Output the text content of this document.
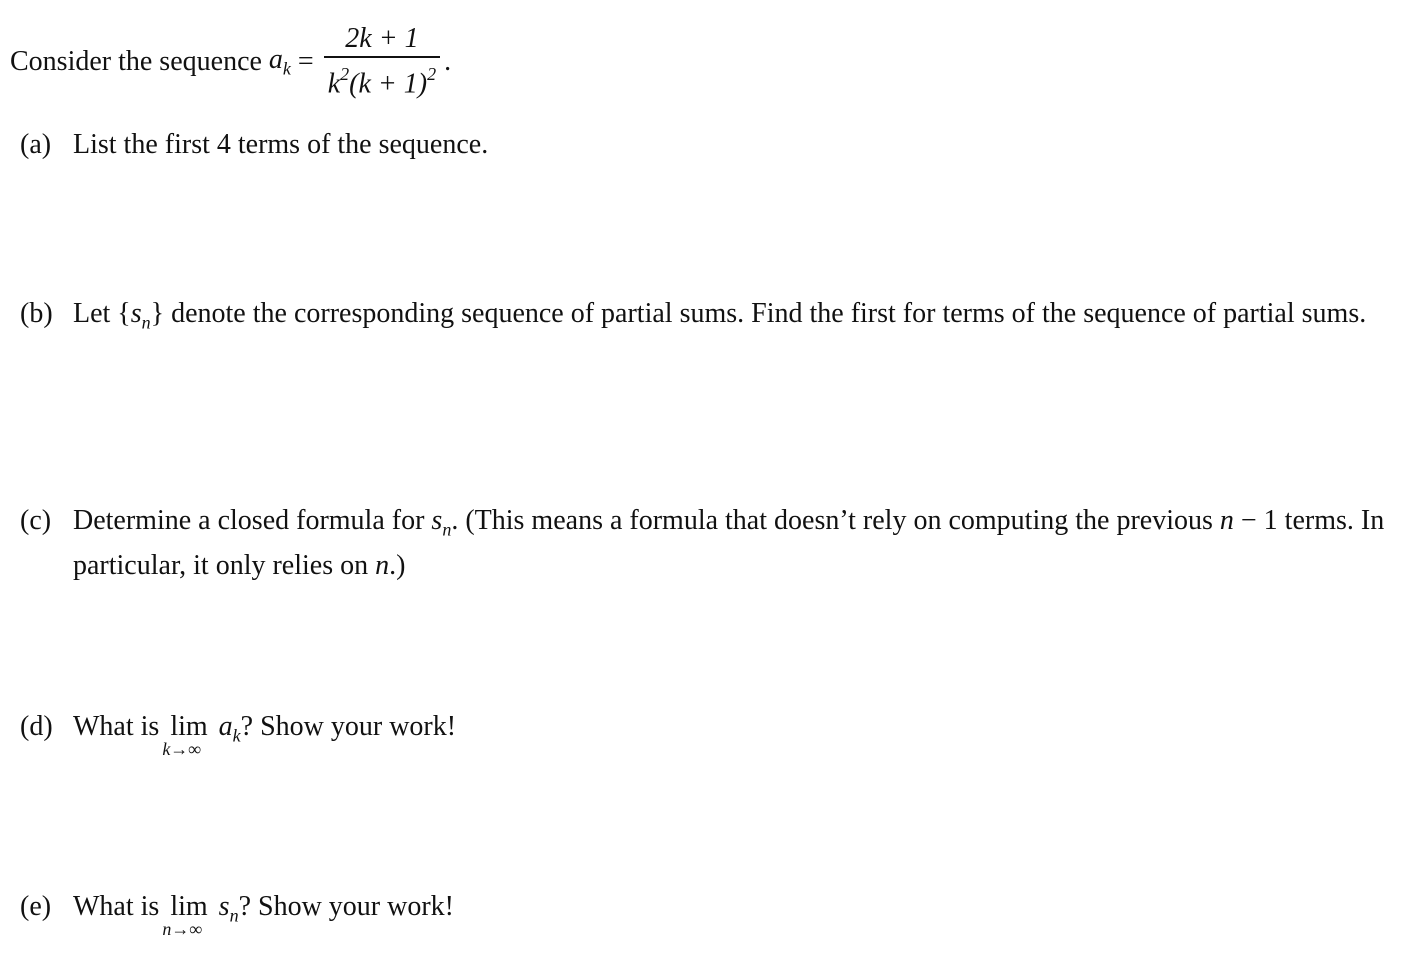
Consider the sequence
$a_k$
= $\frac{2k + 1}{k^2(k + 1)^2}$ .
(a) List the first 4 terms of the sequence.
(b) Let $\{s_n\}$ denote the corresponding sequence of partial sums. Find the first for terms of the sequence of partial sums.
(c) Determine a closed formula for $s_n$. (This means a formula that doesn’t rely on computing the previous n − 1 terms. In particular, it only relies on n.)
(d) What is lim
k→∞
$a_k$? Show your work!
(e) What is lim
n→∞
$s_n$? Show your work!
